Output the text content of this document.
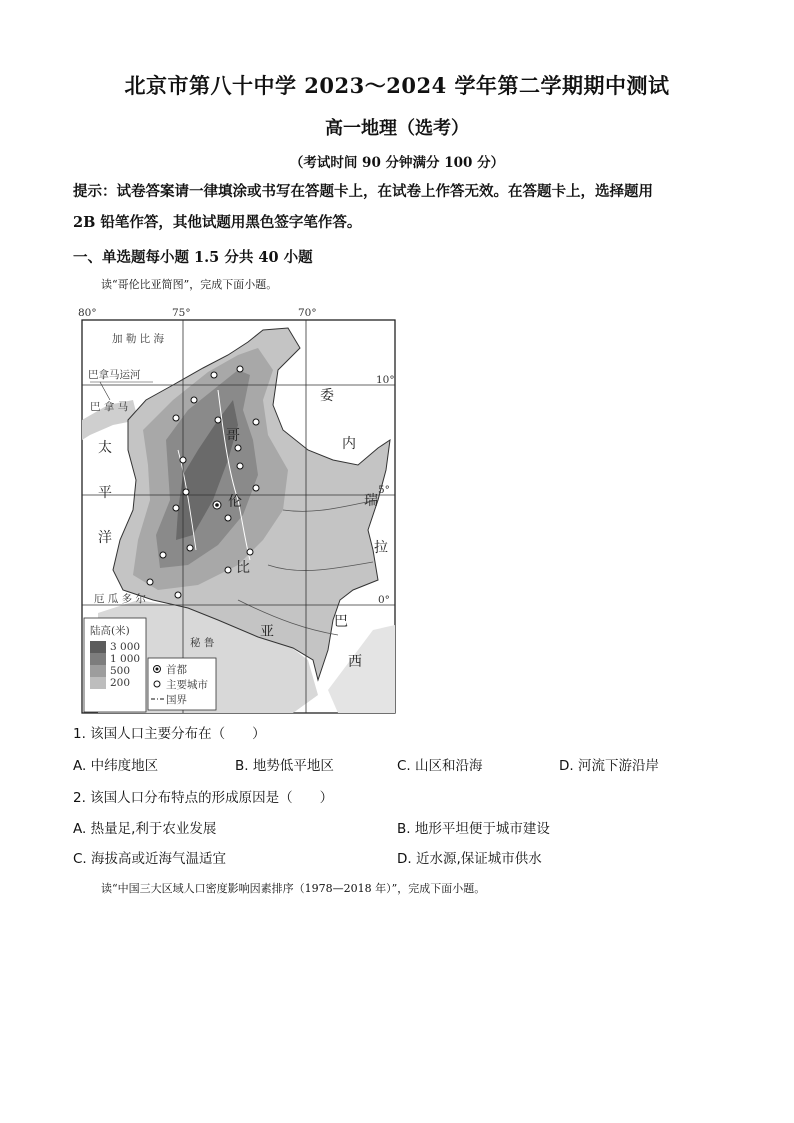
北京市第八十中学 2023～2024 学年第二学期期中测试
高一地理（选考）
（考试时间 90 分钟满分 100 分）
提示：试卷答案请一律填涂或书写在答题卡上，在试卷上作答无效。在答题卡上，选择题用
2B 铅笔作答，其他试题用黑色签字笔作答。
一、单选题每小题 1.5 分共 40 小题
读“哥伦比亚简图”，完成下面小题。
80°	75°	70°
10°
5°
0°
加 勒 比 海
巴拿马运河
巴 拿 马
太
平
洋
哥
伦
比
亚
委
内
瑞
拉
巴
西
厄 瓜 多 尔
秘 鲁
陆高(米)
3 000
1 000
500
200
首都
主要城市
国界
1. 该国人口主要分布在（　　）
A. 中纬度地区	B. 地势低平地区	C. 山区和沿海	D. 河流下游沿岸
2. 该国人口分布特点的形成原因是（　　）
A. 热量足,利于农业发展	B. 地形平坦便于城市建设
C. 海拔高或近海气温适宜	D. 近水源,保证城市供水
读“中国三大区域人口密度影响因素排序（1978—2018 年）”，完成下面小题。
